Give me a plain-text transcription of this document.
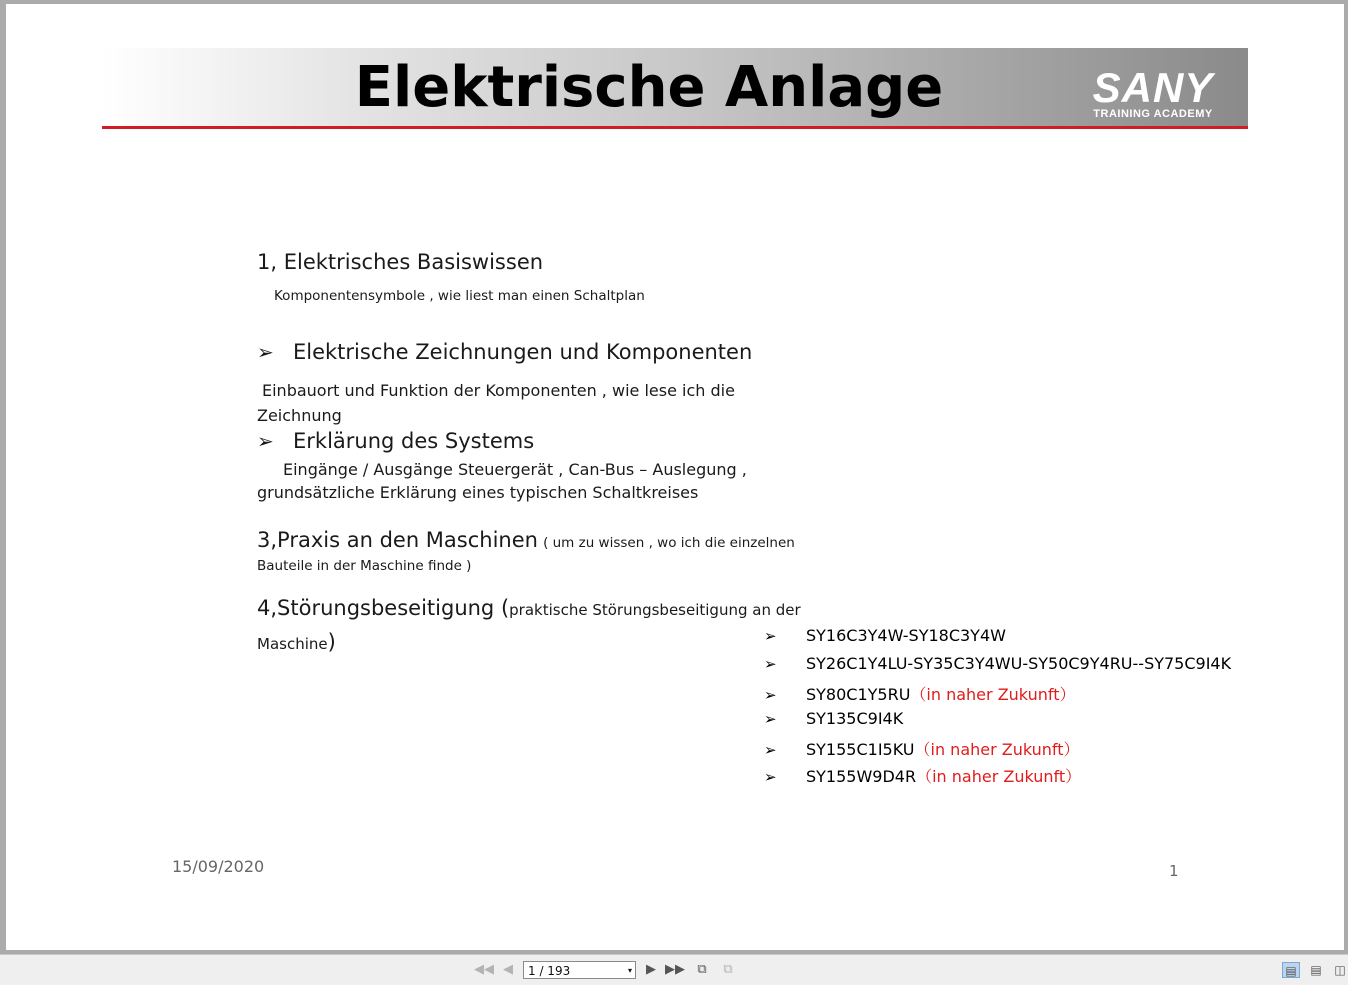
Elektrische Anlage	SANY
TRAINING ACADEMY
1, Elektrisches Basiswissen
Komponentensymbole , wie liest man einen Schaltplan
➢ Elektrische Zeichnungen und Komponenten
Einbauort und Funktion der Komponenten , wie lese ich die
Zeichnung
➢ Erklärung des Systems
Eingänge / Ausgänge Steuergerät , Can-Bus – Auslegung ,
grundsätzliche Erklärung eines typischen Schaltkreises
3,Praxis an den Maschinen ( um zu wissen , wo ich die einzelnen
Bauteile in der Maschine finde )
4,Störungsbeseitigung (praktische Störungsbeseitigung an der
Maschine)	➢ SY16C3Y4W-SY18C3Y4W
➢ SY26C1Y4LU-SY35C3Y4WU-SY50C9Y4RU--SY75C9I4K
➢ SY80C1Y5RU（in naher Zukunft）
➢ SY135C9I4K
➢ SY155C1I5KU（in naher Zukunft）
➢ SY155W9D4R（in naher Zukunft）
15/09/2020	1
◀◀ ◀	1 / 193	▾	▶ ▶▶ ⧉	⧉	▤ ▤ ◫
